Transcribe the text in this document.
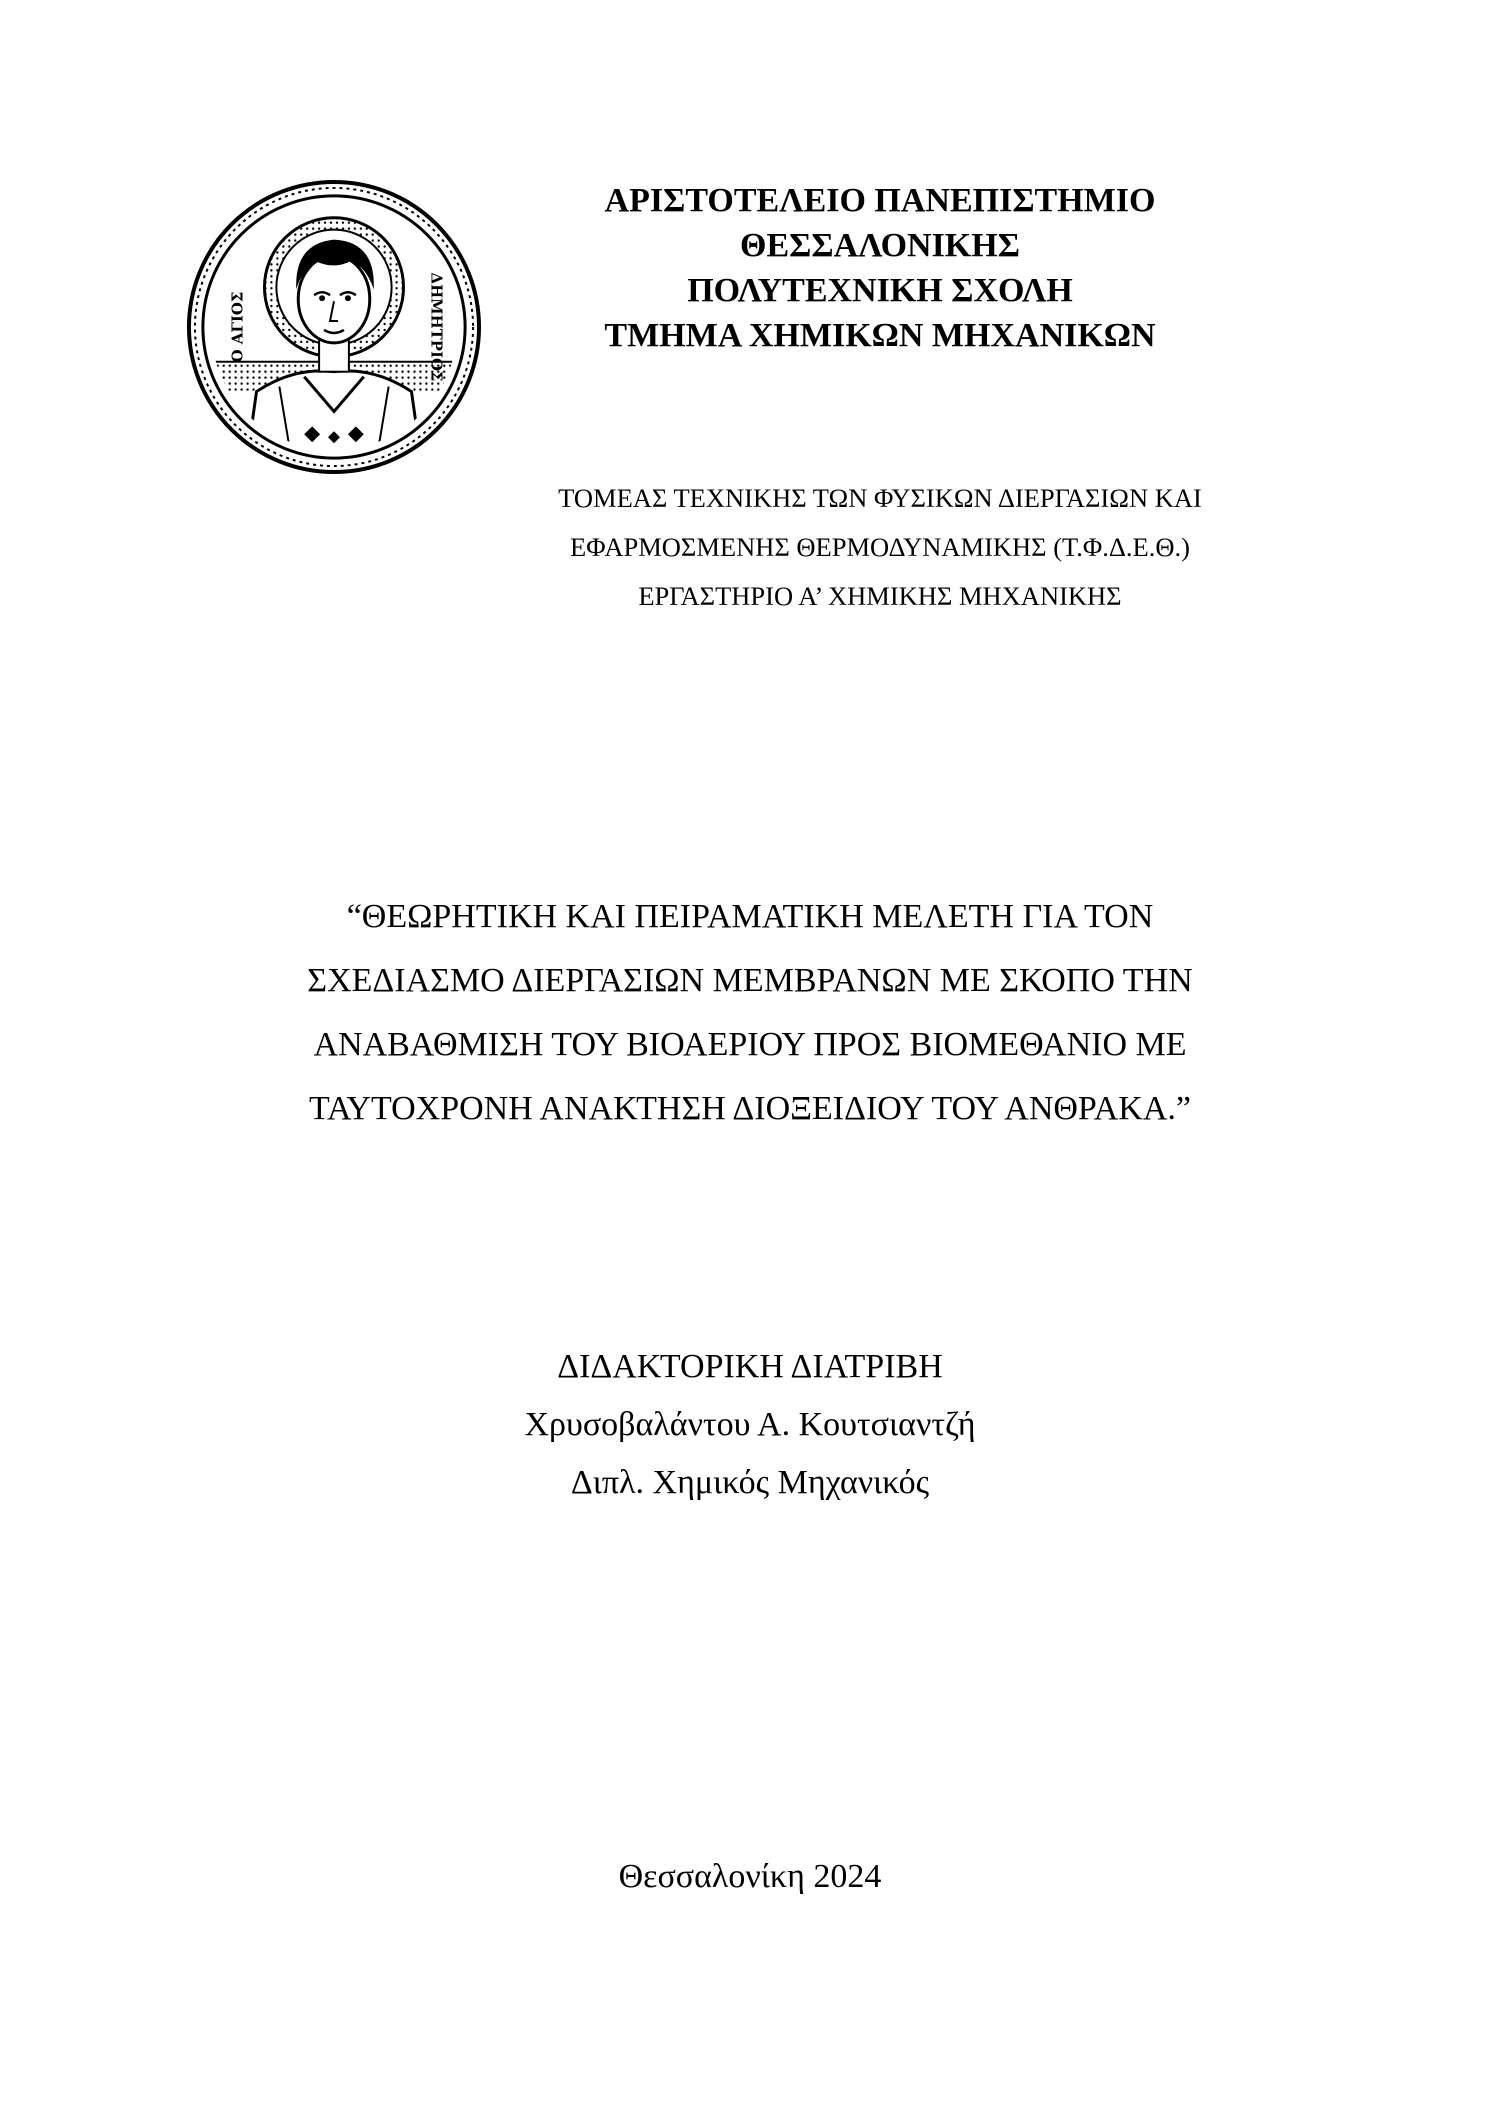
Ο ΑΓΙΟΣ	ΔΗΜΗΤΡΙΟΣ
ΑΡΙΣΤΟΤΕΛΕΙΟ ΠΑΝΕΠΙΣΤΗΜΙΟ
ΘΕΣΣΑΛΟΝΙΚΗΣ
ΠΟΛΥΤΕΧΝΙΚΗ ΣΧΟΛΗ
ΤΜΗΜΑ ΧΗΜΙΚΩΝ ΜΗΧΑΝΙΚΩΝ
ΤΟΜΕΑΣ ΤΕΧΝΙΚΗΣ ΤΩΝ ΦΥΣΙΚΩΝ ΔΙΕΡΓΑΣΙΩΝ ΚΑΙ
ΕΦΑΡΜΟΣΜΕΝΗΣ ΘΕΡΜΟΔΥΝΑΜΙΚΗΣ (Τ.Φ.Δ.Ε.Θ.)
ΕΡΓΑΣΤΗΡΙΟ Α’ ΧΗΜΙΚΗΣ ΜΗΧΑΝΙΚΗΣ
“ΘΕΩΡΗΤΙΚΗ ΚΑΙ ΠΕΙΡΑΜΑΤΙΚΗ ΜΕΛΕΤΗ ΓΙΑ ΤΟΝ
ΣΧΕΔΙΑΣΜΟ ΔΙΕΡΓΑΣΙΩΝ ΜΕΜΒΡΑΝΩΝ ΜΕ ΣΚΟΠΟ ΤΗΝ
ΑΝΑΒΑΘΜΙΣΗ ΤΟΥ ΒΙΟΑΕΡΙΟΥ ΠΡΟΣ ΒΙΟΜΕΘΑΝΙΟ ΜΕ
ΤΑΥΤΟΧΡΟΝΗ ΑΝΑΚΤΗΣΗ ΔΙΟΞΕΙΔΙΟΥ ΤΟΥ ΑΝΘΡΑΚΑ.”
ΔΙΔΑΚΤΟΡΙΚΗ ΔΙΑΤΡΙΒΗ
Χρυσοβαλάντου Α. Κουτσιαντζή
Διπλ. Χημικός Μηχανικός
Θεσσαλονίκη 2024
